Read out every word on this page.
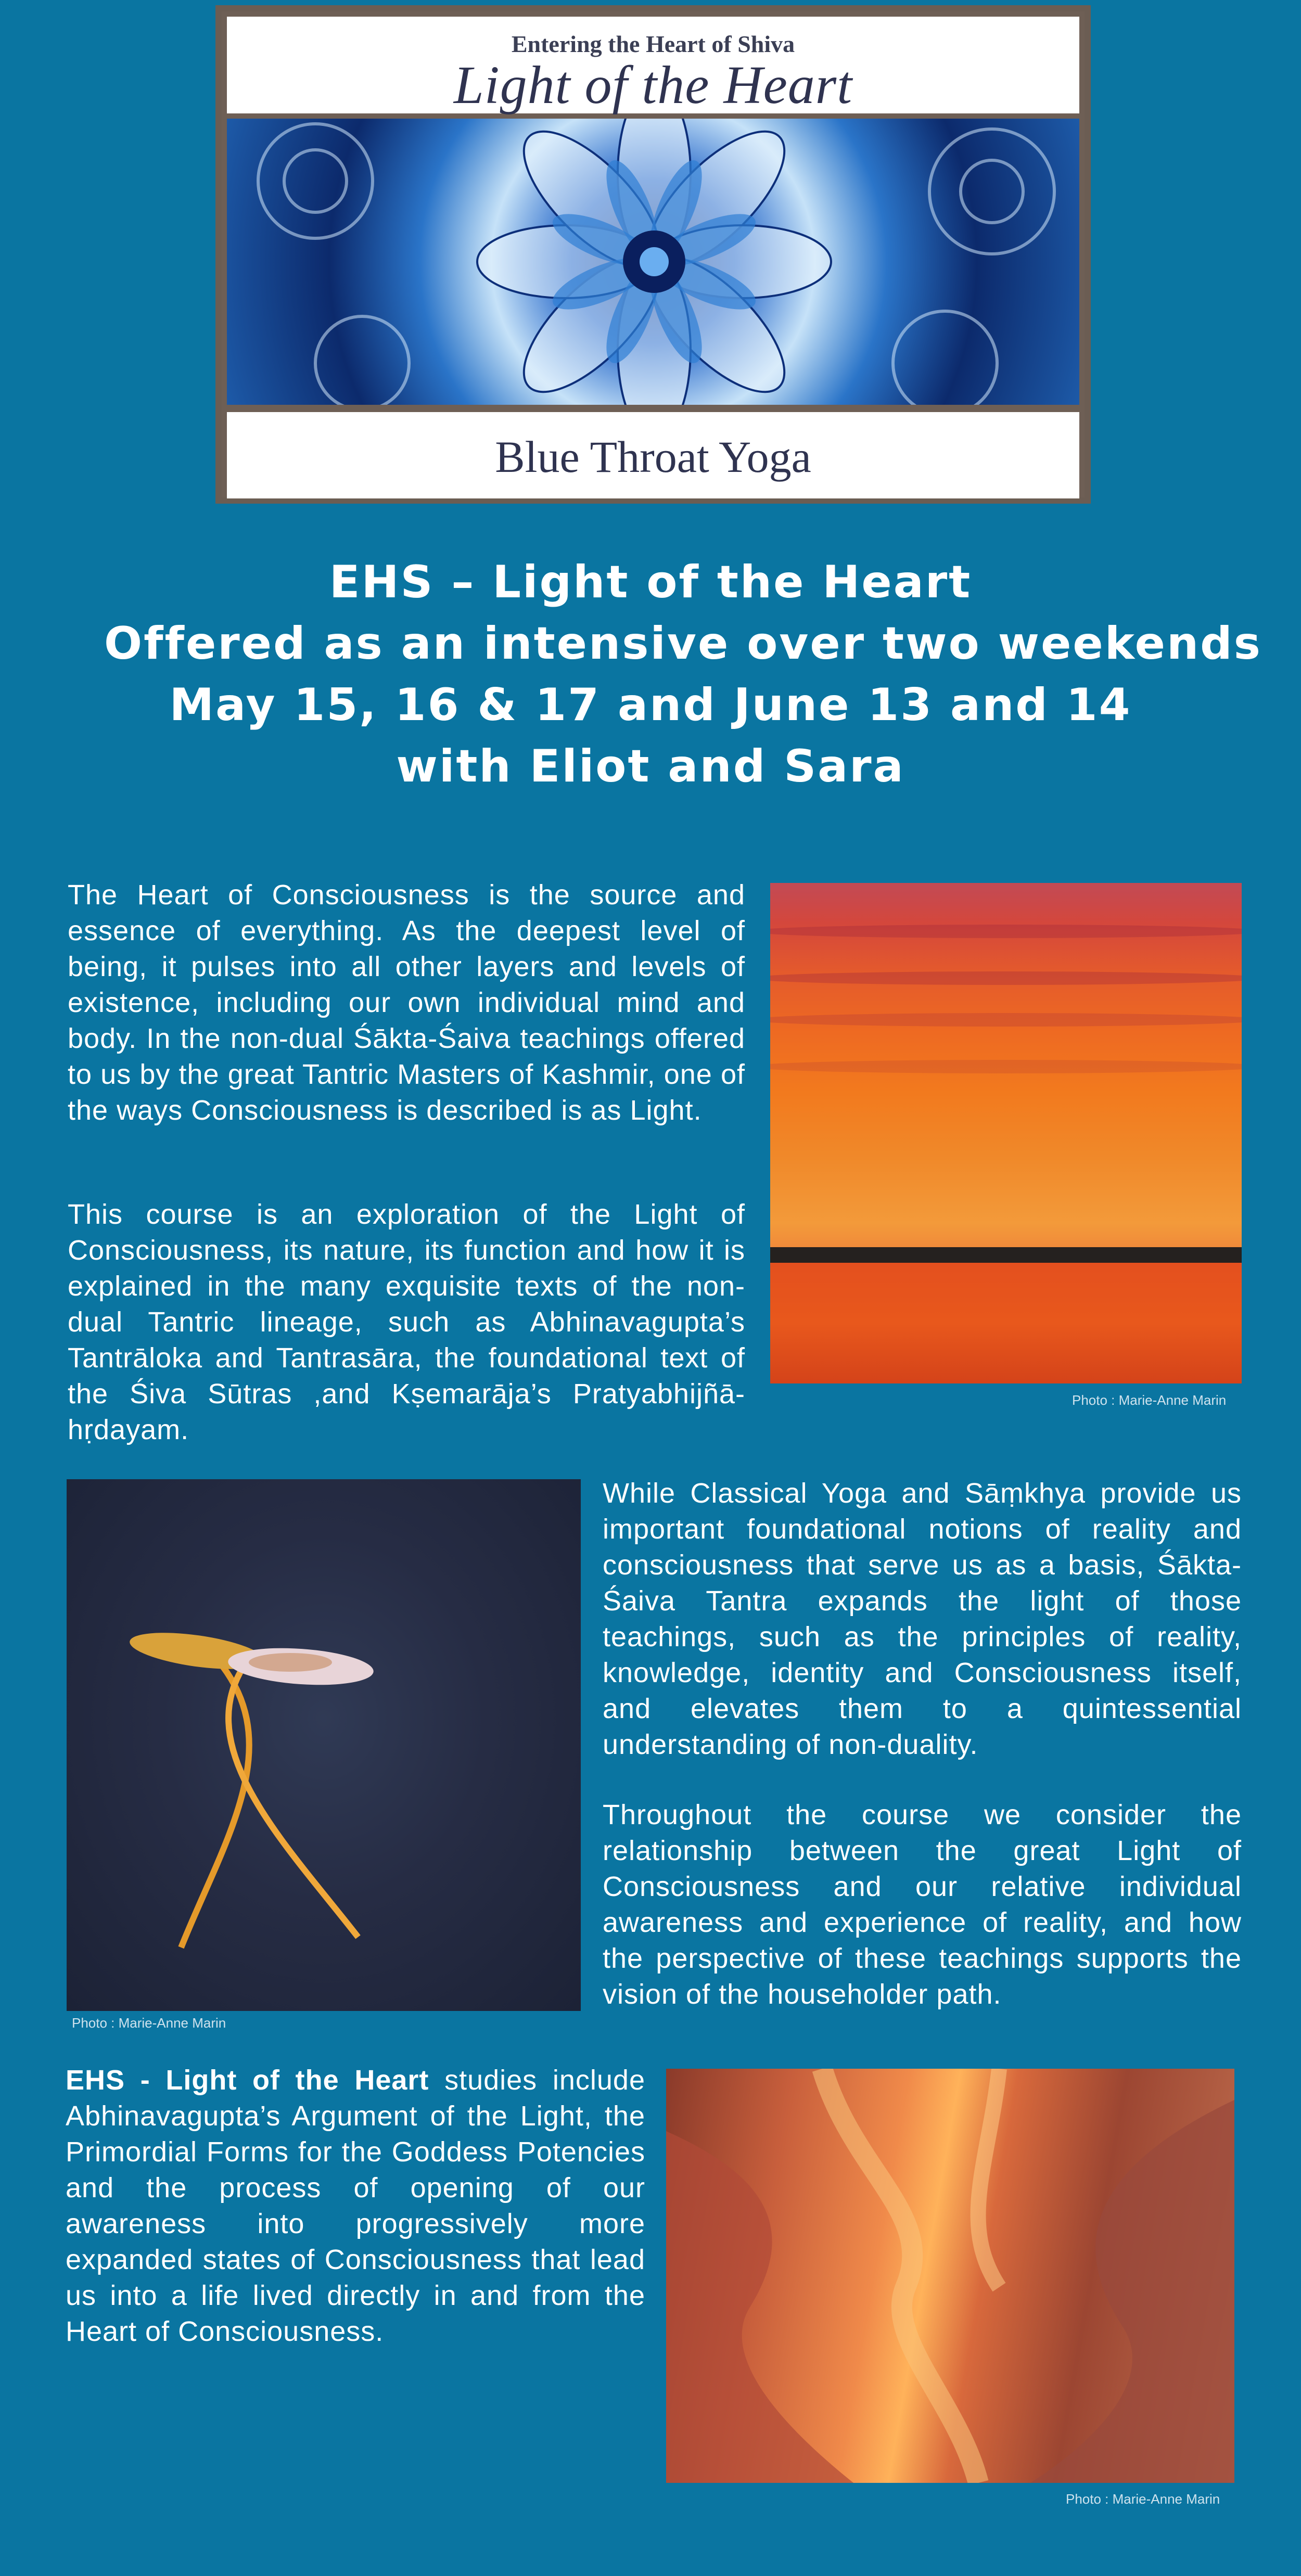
Entering the Heart of Shiva
Light of the Heart
Blue Throat Yoga
EHS – Light of the Heart
Offered as an intensive over two weekends
May 15, 16 & 17 and June 13 and 14
with Eliot and Sara
The Heart of Consciousness is the source and essence of everything. As the deepest level of being, it pulses into all other layers and levels of existence, including our own individual mind and body. In the non-dual Śākta-Śaiva teachings offered to us by the great Tantric Masters of Kashmir, one of the ways Consciousness is described is as Light.
This course is an exploration of the Light of Consciousness, its nature, its function and how it is explained in the many exquisite texts of the non-dual Tantric lineage, such as Abhinavagupta’s Tantrāloka and Tantrasāra, the foundational text of the Śiva Sūtras ,and Kṣemarāja’s Pratyabhijñā-hṛdayam.
While Classical Yoga and Sāṃkhya provide us important foundational notions of reality and consciousness that serve us as a basis, Śākta-Śaiva Tantra expands the light of those teachings, such as the principles of reality, knowledge, identity and Consciousness itself, and elevates them to a quintessential understanding of non-duality.
Throughout the course we consider the relationship between the great Light of Consciousness and our relative individual awareness and experience of reality, and how the perspective of these teachings supports the vision of the householder path.
EHS - Light of the Heart studies include Abhinavagupta’s Argument of the Light, the Primordial Forms for the Goddess Potencies and the process of opening of our awareness into progressively more expanded states of Consciousness that lead us into a life lived directly in and from the Heart of Consciousness.
Photo : Marie-Anne Marin
Photo : Marie-Anne Marin
Photo : Marie-Anne Marin
